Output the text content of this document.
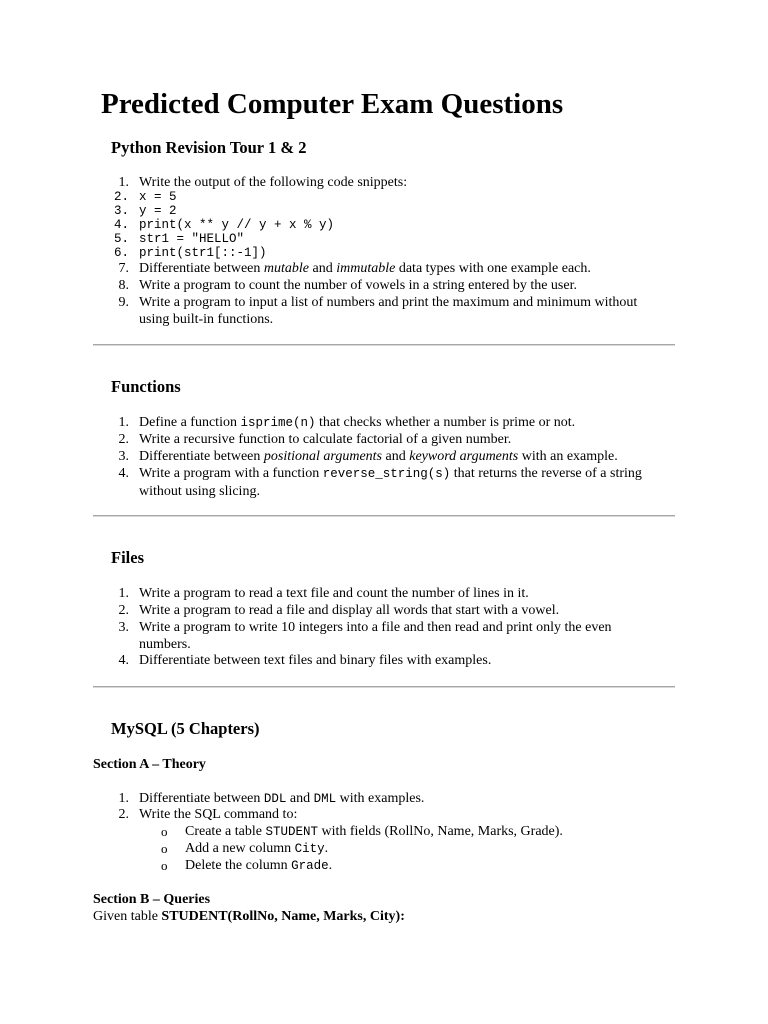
Predicted Computer Exam Questions
Python Revision Tour 1 & 2
1. Write the output of the following code snippets:
2. x = 5
3. y = 2
4. print(x ** y // y + x % y)
5. str1 = "HELLO"
6. print(str1[::-1])
7. Differentiate between mutable and immutable data types with one example each.
8. Write a program to count the number of vowels in a string entered by the user.
9. Write a program to input a list of numbers and print the maximum and minimum without using built-in functions.
Functions
1. Define a function isprime(n) that checks whether a number is prime or not.
2. Write a recursive function to calculate factorial of a given number.
3. Differentiate between positional arguments and keyword arguments with an example.
4. Write a program with a function reverse_string(s) that returns the reverse of a string without using slicing.
Files
1. Write a program to read a text file and count the number of lines in it.
2. Write a program to read a file and display all words that start with a vowel.
3. Write a program to write 10 integers into a file and then read and print only the even numbers.
4. Differentiate between text files and binary files with examples.
MySQL (5 Chapters)
Section A – Theory
1. Differentiate between DDL and DML with examples.
2. Write the SQL command to:
o Create a table STUDENT with fields (RollNo, Name, Marks, Grade).
o Add a new column City.
o Delete the column Grade.
Section B – Queries
Given table STUDENT(RollNo, Name, Marks, City):
